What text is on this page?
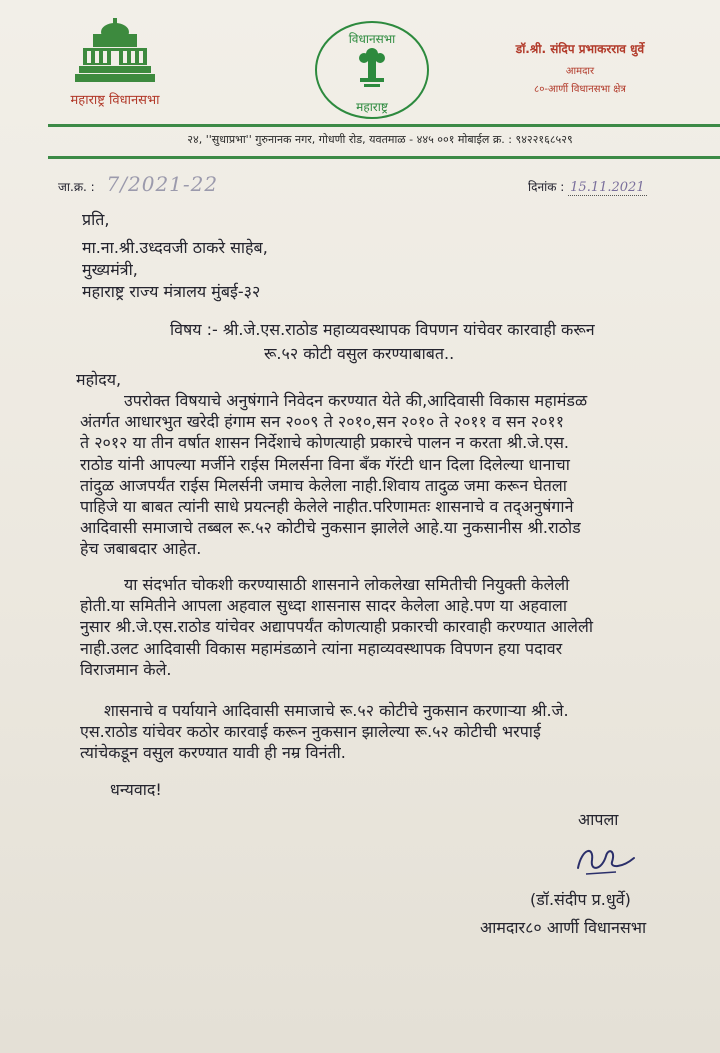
महाराष्ट्र विधानसभा
विधानसभा
महाराष्ट्र
डॉ.श्री. संदिप प्रभाकरराव धुर्वे
आमदार
८०-आर्णी विधानसभा क्षेत्र
२४, ''सुधाप्रभा'' गुरुनानक नगर, गोधणी रोड, यवतमाळ - ४४५ ००१ मोबाईल क्र. : ९४२२१६८५२९
जा.क्र. : 7/2021-22	दिनांक : 15.11.2021
प्रति,
मा.ना.श्री.उध्दवजी ठाकरे साहेब,
मुख्यमंत्री,
महाराष्ट्र राज्य मंत्रालय मुंबई-३२
विषय :- श्री.जे.एस.राठोड महाव्यवस्थापक विपणन यांचेवर कारवाही करून
रू.५२ कोटी वसुल करण्याबाबत..
महोदय,
उपरोक्त विषयाचे अनुषंगाने निवेदन करण्यात येते की,आदिवासी विकास महामंडळ
अंतर्गत आधारभुत खरेदी हंगाम सन २००९ ते २०१०,सन २०१० ते २०११ व सन २०११
ते २०१२ या तीन वर्षात शासन निर्देशाचे कोणत्याही प्रकारचे पालन न करता श्री.जे.एस.
राठोड यांनी आपल्या मर्जीने राईस मिलर्सना विना बँक गॅरंटी धान दिला दिलेल्या धानाचा
तांदुळ आजपर्यंत राईस मिलर्सनी जमाच केलेला नाही.शिवाय तादुळ जमा करून घेतला
पाहिजे या बाबत त्यांनी साधे प्रयत्नही केलेले नाहीत.परिणामतः शासनाचे व तद्अनुषंगाने
आदिवासी समाजाचे तब्बल रू.५२ कोटीचे नुकसान झालेले आहे.या नुकसानीस श्री.राठोड
हेच जबाबदार आहेत.
या संदर्भात चोकशी करण्यासाठी शासनाने लोकलेखा समितीची नियुक्ती केलेली
होती.या समितीने आपला अहवाल सुध्दा शासनास सादर केलेला आहे.पण या अहवाला
नुसार श्री.जे.एस.राठोड यांचेवर अद्यापपर्यंत कोणत्याही प्रकारची कारवाही करण्यात आलेली
नाही.उलट आदिवासी विकास महामंडळाने त्यांना महाव्यवस्थापक विपणन हया पदावर
विराजमान केले.
शासनाचे व पर्यायाने आदिवासी समाजाचे रू.५२ कोटीचे नुकसान करणाऱ्या श्री.जे.
एस.राठोड यांचेवर कठोर कारवाई करून नुकसान झालेल्या रू.५२ कोटीची भरपाई
त्यांचेकडून वसुल करण्यात यावी ही नम्र विनंती.
धन्यवाद!
आपला
(डॉ.संदीप प्र.धुर्वे)
आमदार८० आर्णी विधानसभा
